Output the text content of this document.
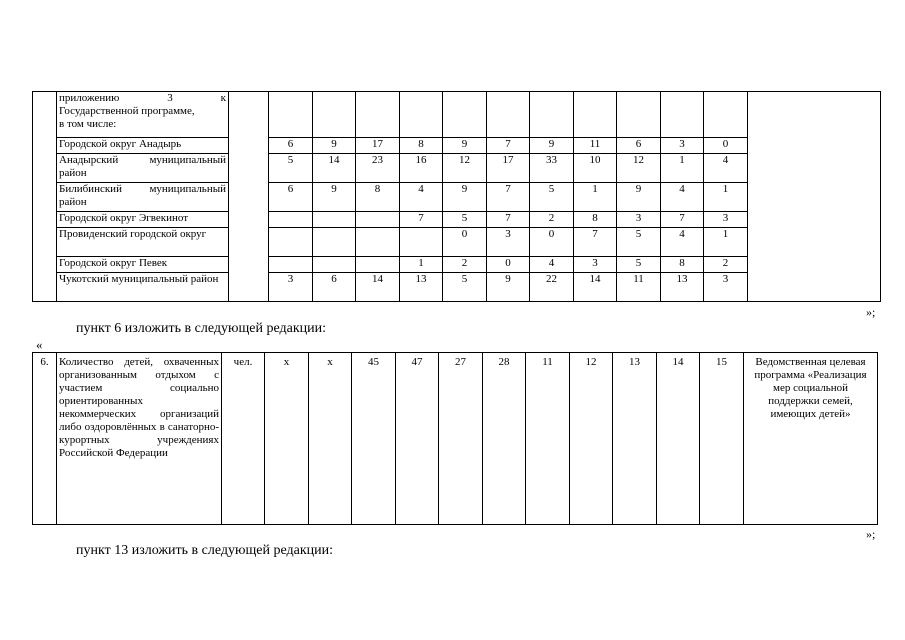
	приложению 3 к
Государственной программе,
в том числе:													

	Городской округ Анадырь		6	9	17	8	9	7	9	11	6	3	0	
	Анадырский муниципальный район		5	14	23	16	12	17	33	10	12	1	4	
	Билибинский муниципальный район		6	9	8	4	9	7	5	1	9	4	1	
	Городской округ Эгвекинот					7	5	7	2	8	3	7	3	
	Провиденский городской округ						0	3	0	7	5	4	1	
	Городской округ Певек					1	2	0	4	3	5	8	2	
	Чукотский муниципальный район		3	6	14	13	5	9	22	14	11	13	3	
»;
пункт 6 изложить в следующей редакции:
«
6.	Количество детей, охваченных организованным отдыхом с участием социально ориентированных некоммерческих организаций либо оздоровлённых в санаторно-курортных учреждениях Российской Федерации	чел.	x	x	45	47	27	28	11	12	13	14	15	Ведомственная целевая программа «Реализация мер социальной поддержки семей, имеющих детей»
»;
пункт 13 изложить в следующей редакции:
